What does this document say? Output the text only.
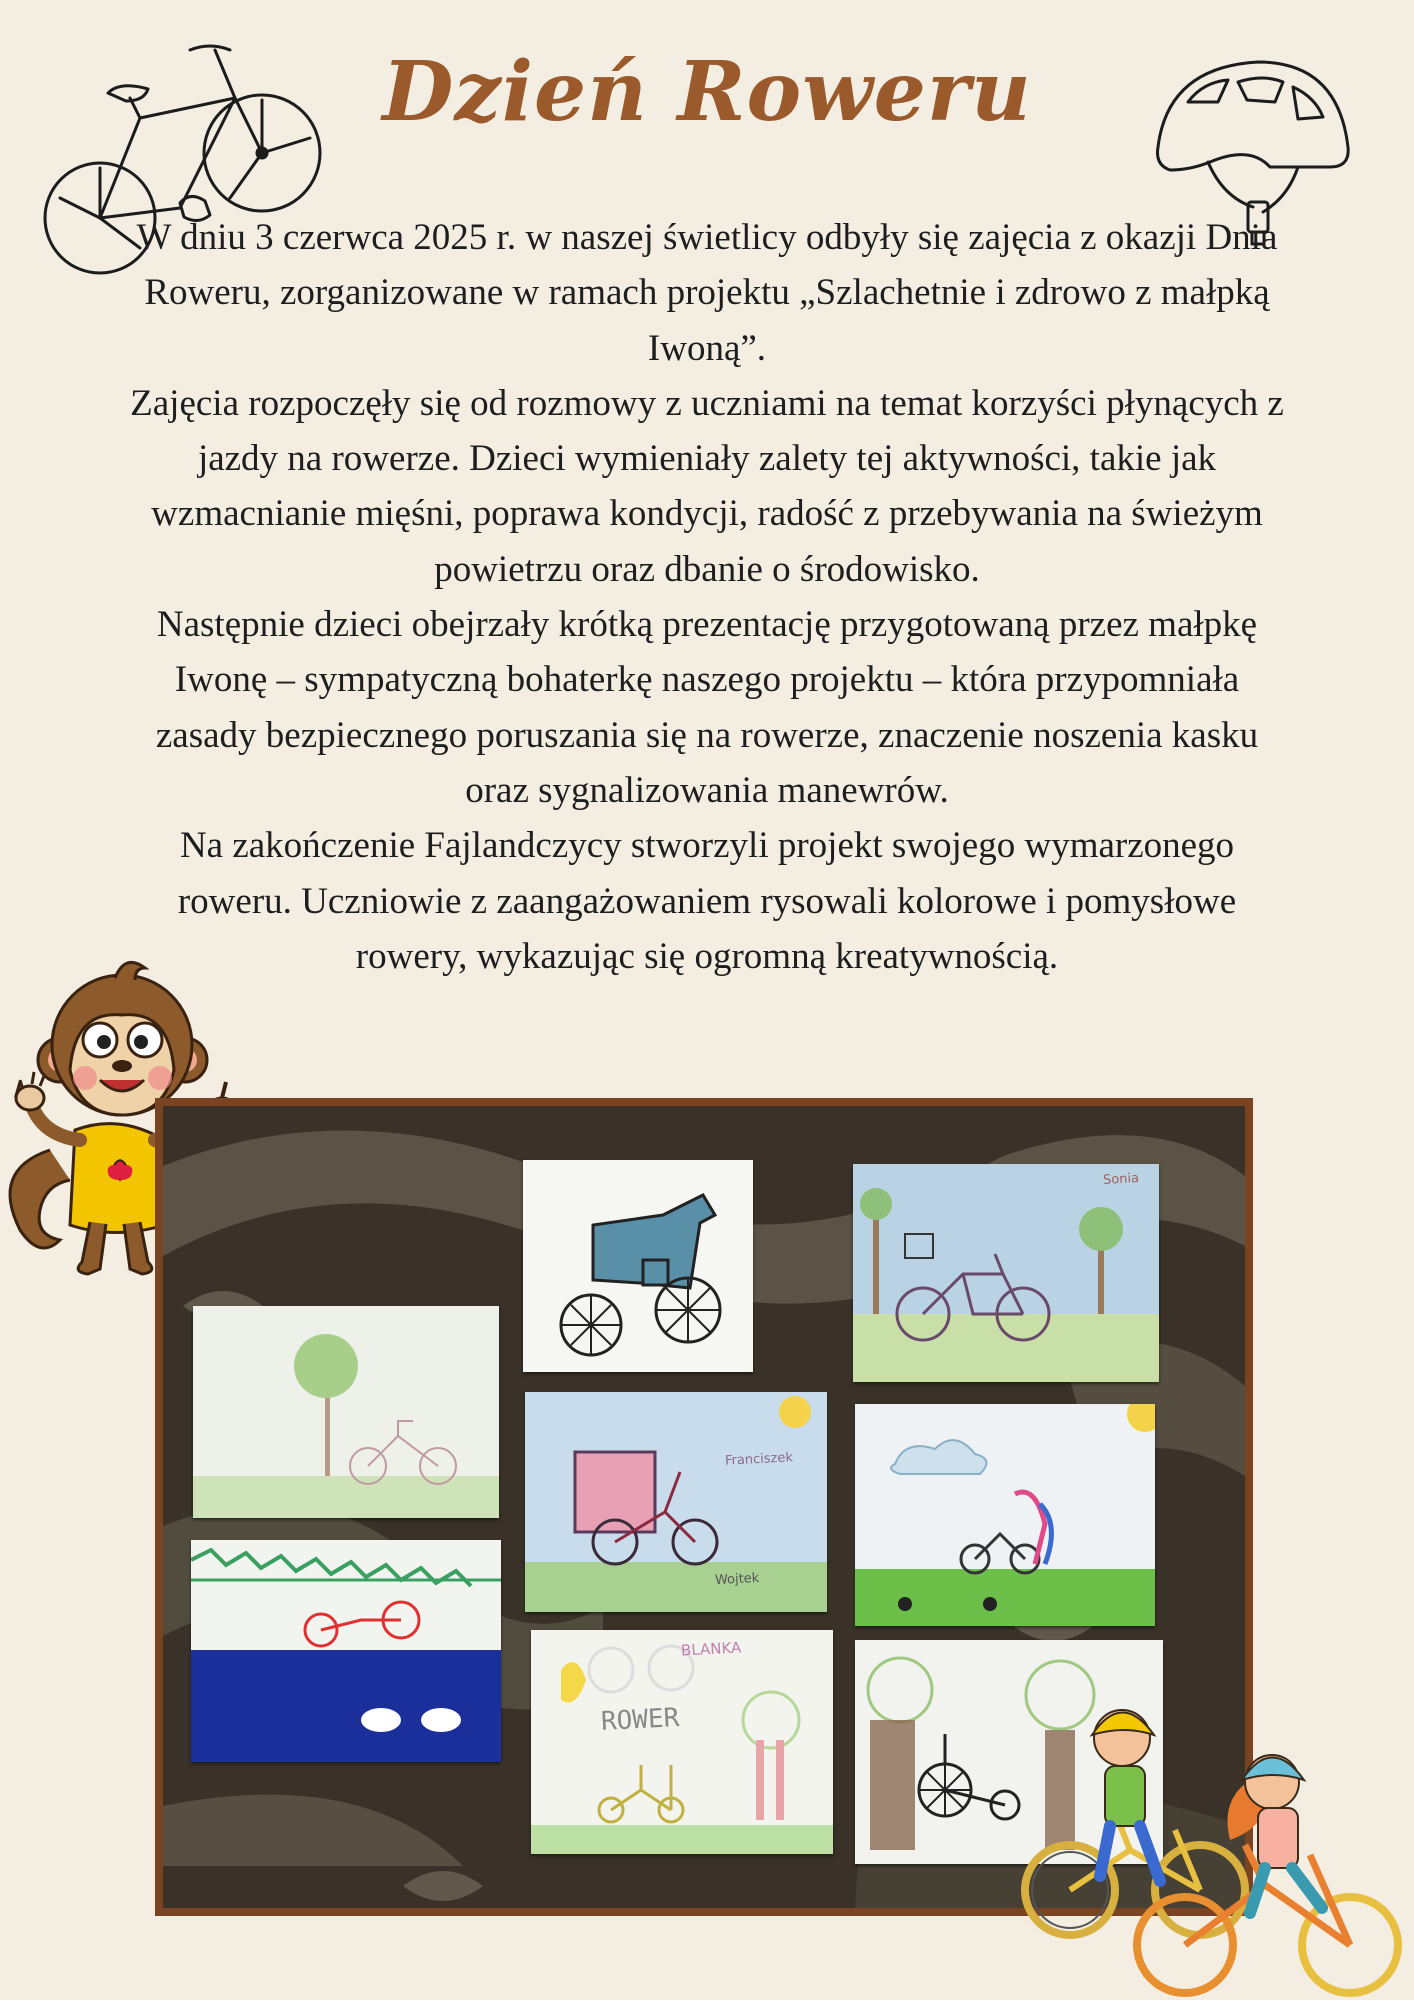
Dzień Roweru

W dniu 3 czerwca 2025 r. w naszej świetlicy odbyły się zajęcia z okazji Dnia Roweru, zorganizowane w ramach projektu „Szlachetnie i zdrowo z małpką Iwoną”.

Zajęcia rozpoczęły się od rozmowy z uczniami na temat korzyści płynących z jazdy na rowerze. Dzieci wymieniały zalety tej aktywności, takie jak wzmacnianie mięśni, poprawa kondycji, radość z przebywania na świeżym powietrzu oraz dbanie o środowisko.

Następnie dzieci obejrzały krótką prezentację przygotowaną przez małpkę Iwonę – sympatyczną bohaterkę naszego projektu – która przypomniała zasady bezpiecznego poruszania się na rowerze, znaczenie noszenia kasku oraz sygnalizowania manewrów.

Na zakończenie Fajlandczycy stworzyli projekt swojego wymarzonego roweru. Uczniowie z zaangażowaniem rysowali kolorowe i pomysłowe rowery, wykazując się ogromną kreatywnością.

Sonia
Franciszek
Wojtek
BLANKA
ROWER
